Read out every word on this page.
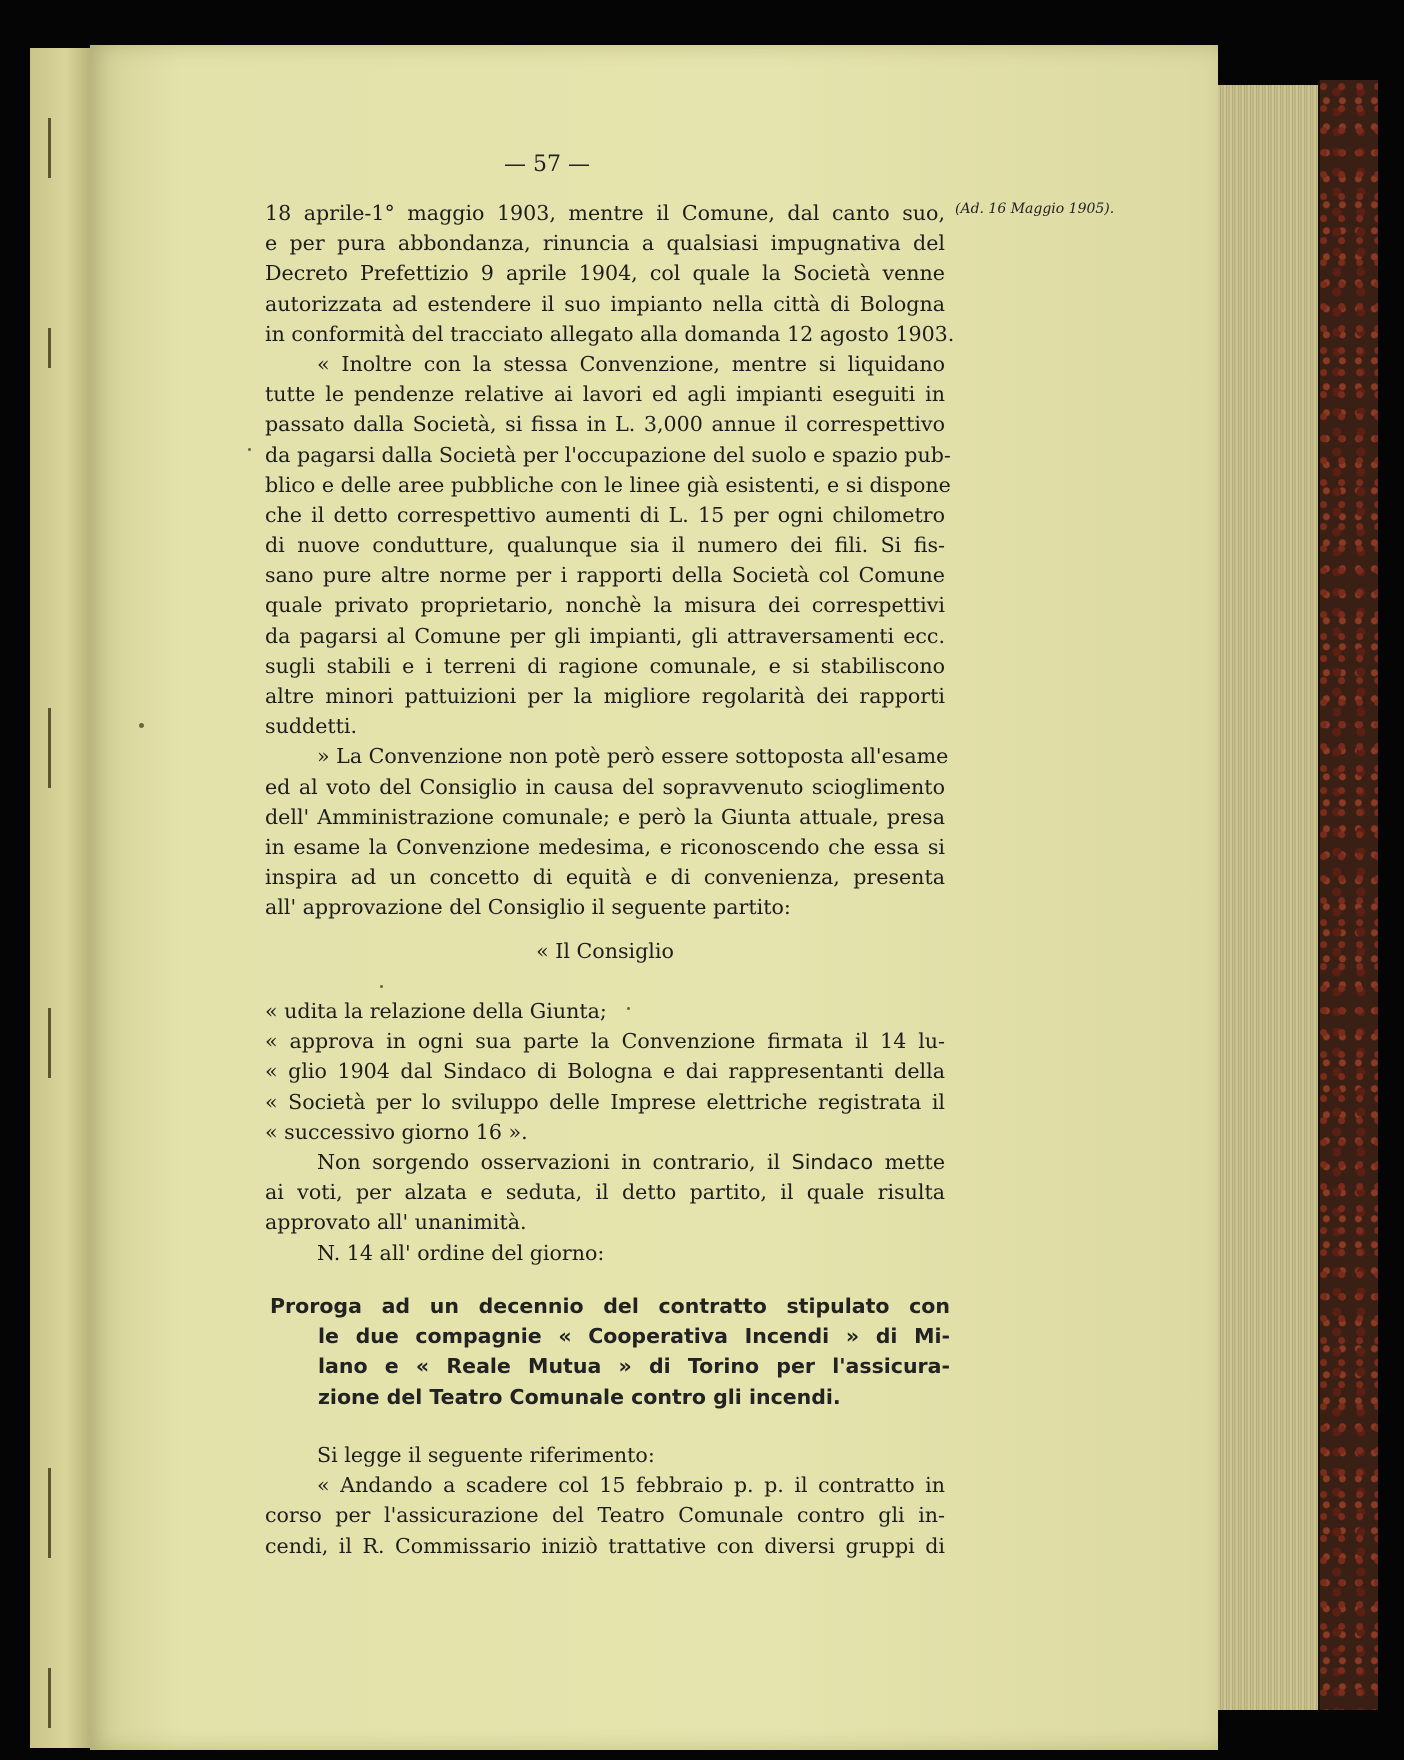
— 57 —
(Ad. 16 Maggio 1905).
18 aprile-1° maggio 1903, mentre il Comune, dal canto suo,
e per pura abbondanza, rinuncia a qualsiasi impugnativa del
Decreto Prefettizio 9 aprile 1904, col quale la Società venne
autorizzata ad estendere il suo impianto nella città di Bologna
in conformità del tracciato allegato alla domanda 12 agosto 1903.
« Inoltre con la stessa Convenzione, mentre si liquidano
tutte le pendenze relative ai lavori ed agli impianti eseguiti in
passato dalla Società, si fissa in L. 3,000 annue il correspettivo
da pagarsi dalla Società per l'occupazione del suolo e spazio pub-
blico e delle aree pubbliche con le linee già esistenti, e si dispone
che il detto correspettivo aumenti di L. 15 per ogni chilometro
di nuove condutture, qualunque sia il numero dei fili. Si fis-
sano pure altre norme per i rapporti della Società col Comune
quale privato proprietario, nonchè la misura dei correspettivi
da pagarsi al Comune per gli impianti, gli attraversamenti ecc.
sugli stabili e i terreni di ragione comunale, e si stabiliscono
altre minori pattuizioni per la migliore regolarità dei rapporti
suddetti.
» La Convenzione non potè però essere sottoposta all'esame
ed al voto del Consiglio in causa del sopravvenuto scioglimento
dell' Amministrazione comunale; e però la Giunta attuale, presa
in esame la Convenzione medesima, e riconoscendo che essa si
inspira ad un concetto di equità e di convenienza, presenta
all' approvazione del Consiglio il seguente partito:
« Il Consiglio
« udita la relazione della Giunta;
« approva in ogni sua parte la Convenzione firmata il 14 lu-
« glio 1904 dal Sindaco di Bologna e dai rappresentanti della
« Società per lo sviluppo delle Imprese elettriche registrata il
« successivo giorno 16 ».
Non sorgendo osservazioni in contrario, il Sindaco mette
ai voti, per alzata e seduta, il detto partito, il quale risulta
approvato all' unanimità.
N. 14 all' ordine del giorno:
Proroga ad un decennio del contratto stipulato con
le due compagnie « Cooperativa Incendi » di Mi-
lano e « Reale Mutua » di Torino per l'assicura-
zione del Teatro Comunale contro gli incendi.
Si legge il seguente riferimento:
« Andando a scadere col 15 febbraio p. p. il contratto in
corso per l'assicurazione del Teatro Comunale contro gli in-
cendi, il R. Commissario iniziò trattative con diversi gruppi di
